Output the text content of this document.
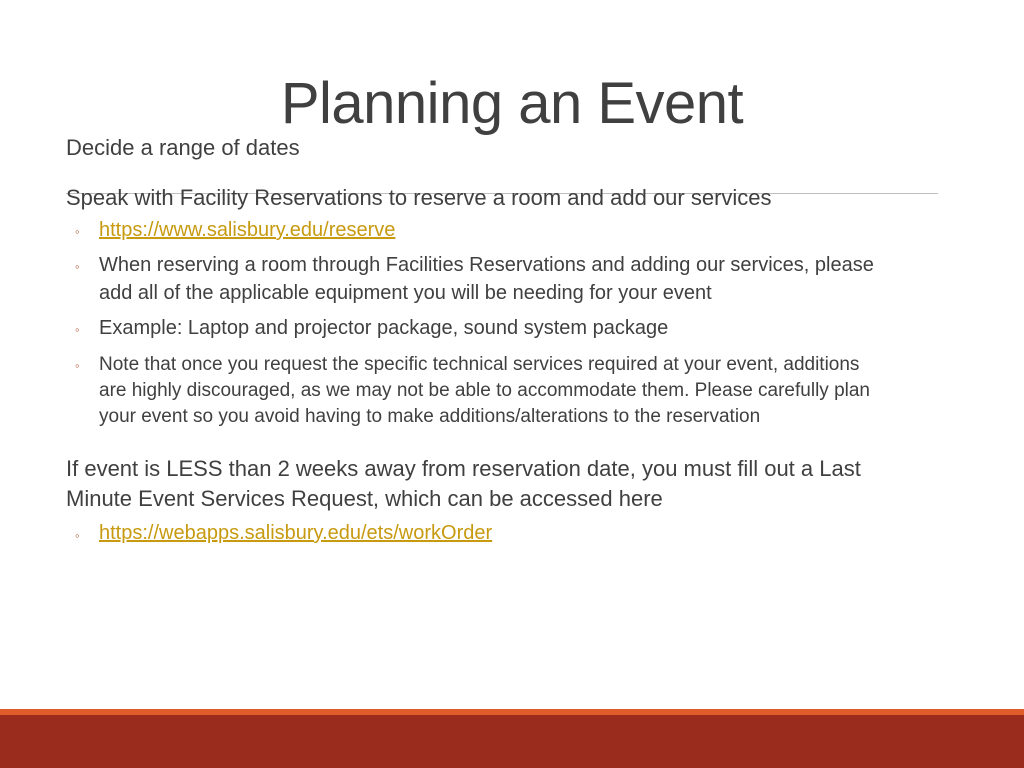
Planning an Event

Decide a range of dates

Speak with Facility Reservations to reserve a room and add our services

◦ https://www.salisbury.edu/reserve

◦ When reserving a room through Facilities Reservations and adding our services, please

add all of the applicable equipment you will be needing for your event

◦ Example: Laptop and projector package, sound system package

◦ Note that once you request the specific technical services required at your event, additions

are highly discouraged, as we may not be able to accommodate them. Please carefully plan

your event so you avoid having to make additions/alterations to the reservation

If event is LESS than 2 weeks away from reservation date, you must fill out a Last

Minute Event Services Request, which can be accessed here

◦ https://webapps.salisbury.edu/ets/workOrder
